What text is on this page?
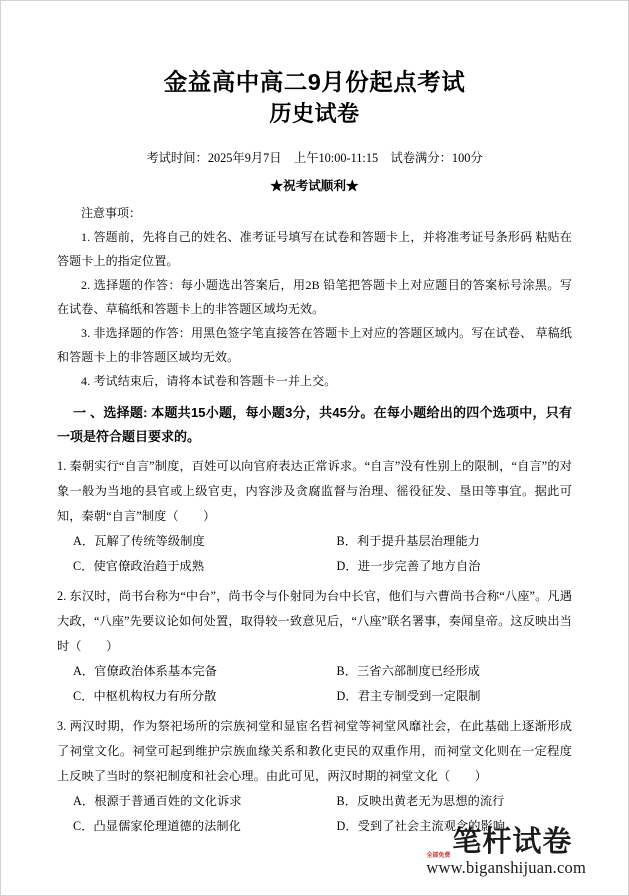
金益高中高二9月份起点考试
历史试卷
考试时间：2025年9月7日　上午10:00-11:15　试卷满分：100分
★祝考试顺利★
注意事项：
1. 答题前，先将自己的姓名、准考证号填写在试卷和答题卡上，并将准考证号条形码 粘贴在答题卡上的指定位置。
2. 选择题的作答：每小题选出答案后，用2B 铅笔把答题卡上对应题目的答案标号涂黑。写在试卷、草稿纸和答题卡上的非答题区域均无效。
3. 非选择题的作答：用黑色签字笔直接答在答题卡上对应的答题区域内。写在试卷、 草稿纸和答题卡上的非答题区域均无效。
4. 考试结束后，请将本试卷和答题卡一并上交。
一 、选择题: 本题共15小题，每小题3分，共45分。在每小题给出的四个选项中，只有一项是符合题目要求的。
1. 秦朝实行“自言”制度，百姓可以向官府表达正常诉求。“自言”没有性别上的限制，“自言”的对象一般为当地的县官或上级官吏，内容涉及贪腐监督与治理、徭役征发、垦田等事宜。据此可知，秦朝“自言”制度（　　）
A．瓦解了传统等级制度	B．利于提升基层治理能力
C．使官僚政治趋于成熟	D．进一步完善了地方自治
2. 东汉时，尚书台称为“中台”，尚书令与仆射同为台中长官，他们与六曹尚书合称“八座”。凡遇大政，“八座”先要议论如何处置，取得较一致意见后，“八座”联名署事，奏闻皇帝。这反映出当时（　　）
A．官僚政治体系基本完备	B．三省六部制度已经形成
C．中枢机构权力有所分散	D．君主专制受到一定限制
3. 两汉时期，作为祭祀场所的宗族祠堂和显宦名哲祠堂等祠堂风靡社会，在此基础上逐渐形成了祠堂文化。祠堂可起到维护宗族血缘关系和教化吏民的双重作用，而祠堂文化则在一定程度上反映了当时的祭祀制度和社会心理。由此可见，两汉时期的祠堂文化（　　）
A．根源于普通百姓的文化诉求	B．反映出黄老无为思想的流行
C．凸显儒家伦理道德的法制化	D．受到了社会主流观念的影响
笔杆试卷
全部免费
www.biganshijuan.com
